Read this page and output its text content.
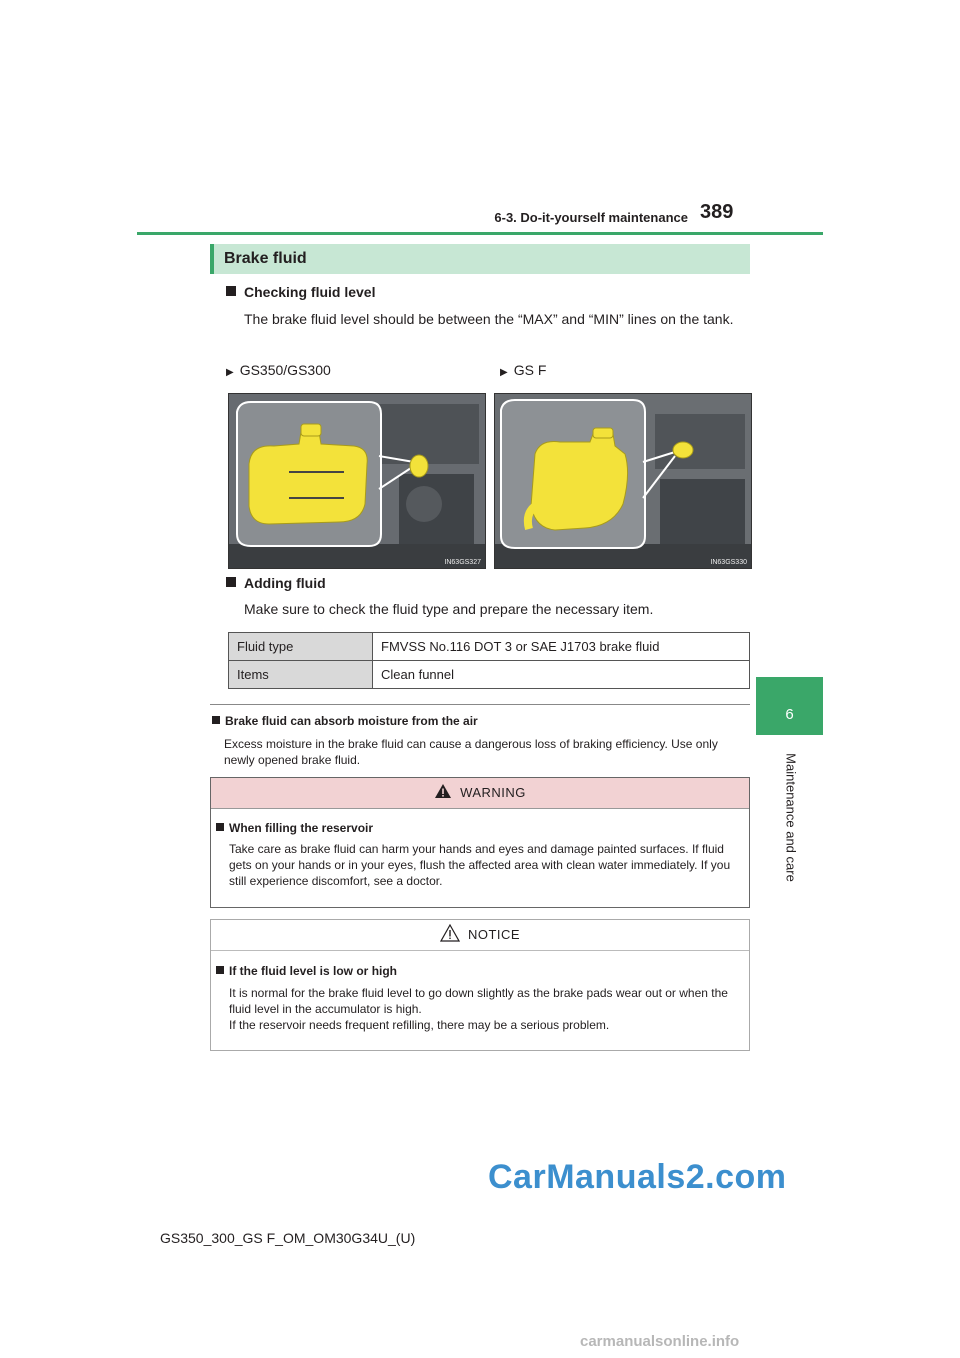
6-3. Do-it-yourself maintenance 389
6
Maintenance and care
Brake fluid
Checking fluid level
The brake fluid level should be between the “MAX” and “MIN” lines on the tank.
▶ GS350/GS300	▶ GS F
IN63GS327	IN63GS330
Adding fluid
Make sure to check the fluid type and prepare the necessary item.
Fluid type	FMVSS No.116 DOT 3 or SAE J1703 brake fluid
Items	Clean funnel
Brake fluid can absorb moisture from the air
Excess moisture in the brake fluid can cause a dangerous loss of braking efficiency. Use only newly opened brake fluid.
WARNING
When filling the reservoir
Take care as brake fluid can harm your hands and eyes and damage painted surfaces. If fluid gets on your hands or in your eyes, flush the affected area with clean water immediately. If you still experience discomfort, see a doctor.
NOTICE
If the fluid level is low or high
It is normal for the brake fluid level to go down slightly as the brake pads wear out or when the fluid level in the accumulator is high.
If the reservoir needs frequent refilling, there may be a serious problem.
CarManuals2.com
GS350_300_GS F_OM_OM30G34U_(U)
carmanualsonline.info
